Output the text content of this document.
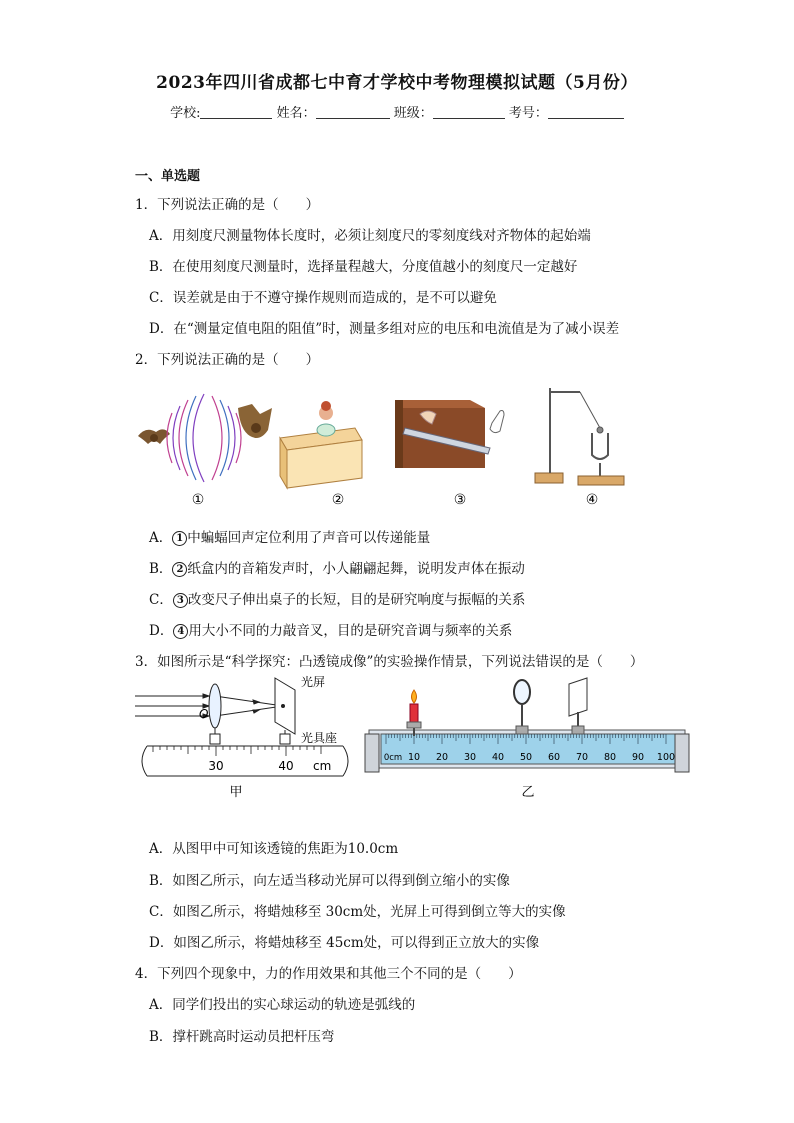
2023年四川省成都七中育才学校中考物理模拟试题（5月份）
学校:	姓名：	班级：	考号：
一、单选题
1．下列说法正确的是（　　）
A．用刻度尺测量物体长度时，必须让刻度尺的零刻度线对齐物体的起始端
B．在使用刻度尺测量时，选择量程越大，分度值越小的刻度尺一定越好
C．误差就是由于不遵守操作规则而造成的，是不可以避免
D．在“测量定值电阻的阻值”时，测量多组对应的电压和电流值是为了减小误差
2．下列说法正确的是（　　）
①	②	③	④
A． 1 中蝙蝠回声定位利用了声音可以传递能量
B． 2 纸盒内的音箱发声时，小人翩翩起舞，说明发声体在振动
C． 3 改变尺子伸出桌子的长短，目的是研究响度与振幅的关系
D． 4 用大小不同的力敲音叉，目的是研究音调与频率的关系
3．如图所示是“科学探究：凸透镜成像”的实验操作情景，下列说法错误的是（　　）
O
光屏
光具座
30	40 cm
甲
0cm 10 20 30 40 50 60 70 80 90 100
乙
A．从图甲中可知该透镜的焦距为10.0cm
B．如图乙所示，向左适当移动光屏可以得到倒立缩小的实像
C．如图乙所示，将蜡烛移至 30cm处，光屏上可得到倒立等大的实像
D．如图乙所示，将蜡烛移至 45cm处，可以得到正立放大的实像
4．下列四个现象中，力的作用效果和其他三个不同的是（　　）
A．同学们投出的实心球运动的轨迹是弧线的
B．撑杆跳高时运动员把杆压弯
